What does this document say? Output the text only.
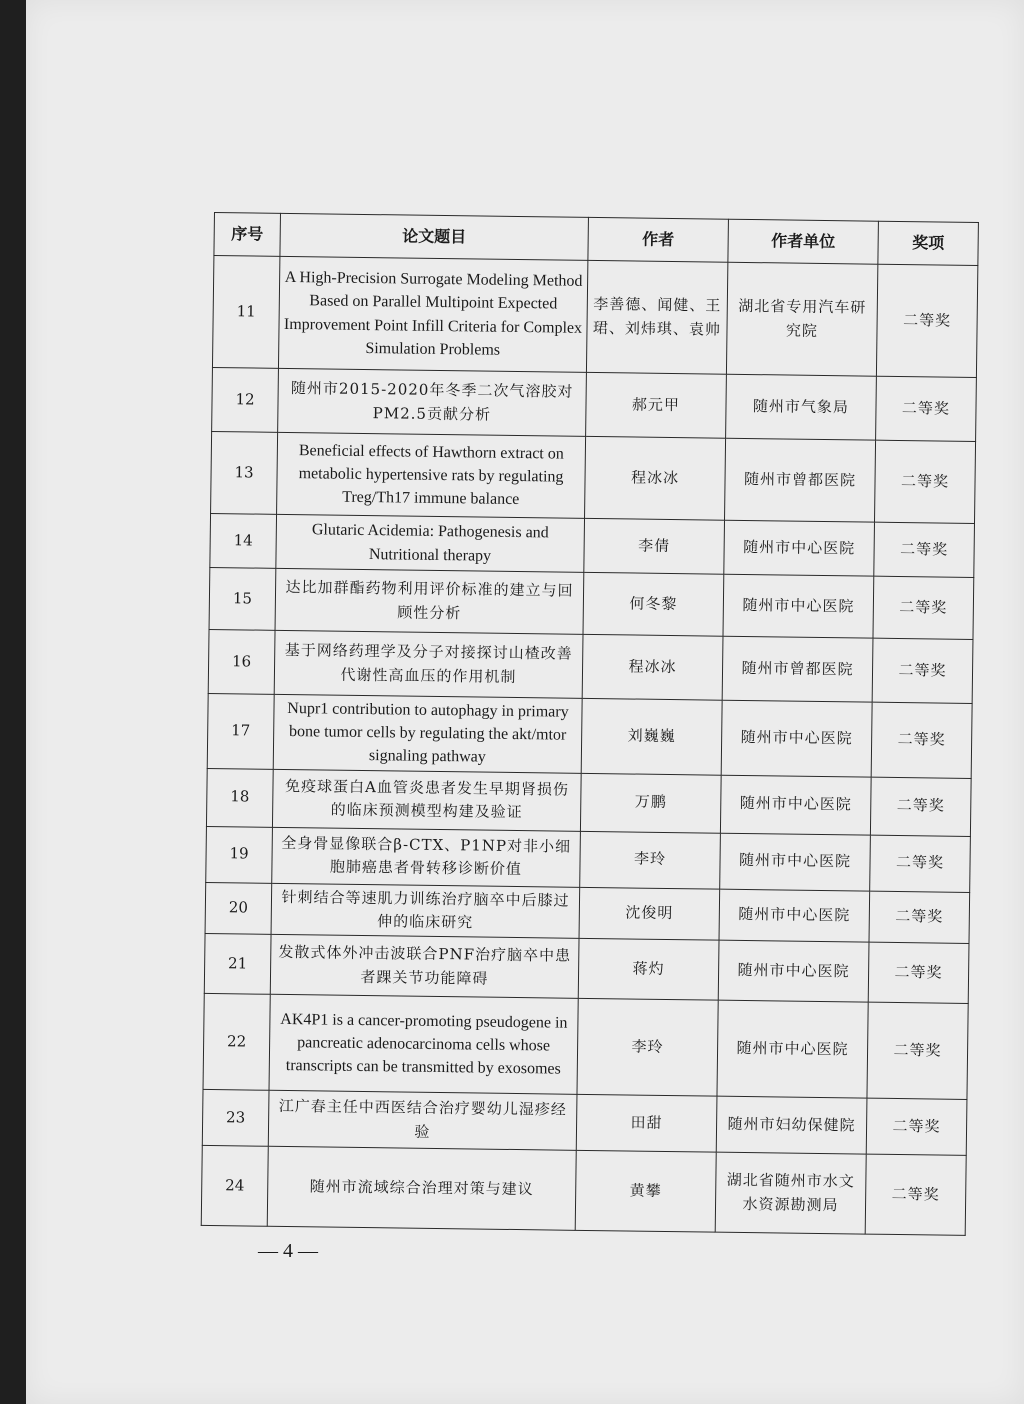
序号	论文题目	作者	作者单位	奖项
11	A High-Precision Surrogate Modeling Method Based on Parallel Multipoint Expected Improvement Point Infill Criteria for Complex Simulation Problems	李善德、闻健、王珺、刘炜琪、袁帅	湖北省专用汽车研究院	二等奖
12	随州市2015-2020年冬季二次气溶胶对PM2.5贡献分析	郝元甲	随州市气象局	二等奖
13	Beneficial effects of Hawthorn extract on metabolic hypertensive rats by regulating Treg/Th17 immune balance	程冰冰	随州市曾都医院	二等奖
14	Glutaric Acidemia: Pathogenesis and Nutritional therapy	李倩	随州市中心医院	二等奖
15	达比加群酯药物利用评价标准的建立与回顾性分析	何冬黎	随州市中心医院	二等奖
16	基于网络药理学及分子对接探讨山楂改善代谢性高血压的作用机制	程冰冰	随州市曾都医院	二等奖
17	Nupr1 contribution to autophagy in primary bone tumor cells by regulating the akt/mtor signaling pathway	刘巍巍	随州市中心医院	二等奖
18	免疫球蛋白A血管炎患者发生早期肾损伤的临床预测模型构建及验证	万鹏	随州市中心医院	二等奖
19	全身骨显像联合β-CTX、P1NP对非小细胞肺癌患者骨转移诊断价值	李玲	随州市中心医院	二等奖
20	针刺结合等速肌力训练治疗脑卒中后膝过伸的临床研究	沈俊明	随州市中心医院	二等奖
21	发散式体外冲击波联合PNF治疗脑卒中患者踝关节功能障碍	蒋灼	随州市中心医院	二等奖
22	AK4P1 is a cancer-promoting pseudogene in pancreatic adenocarcinoma cells whose transcripts can be transmitted by exosomes	李玲	随州市中心医院	二等奖
23	江广春主任中西医结合治疗婴幼儿湿疹经验	田甜	随州市妇幼保健院	二等奖
24	随州市流域综合治理对策与建议	黄攀	湖北省随州市水文水资源勘测局	二等奖
— 4 —
